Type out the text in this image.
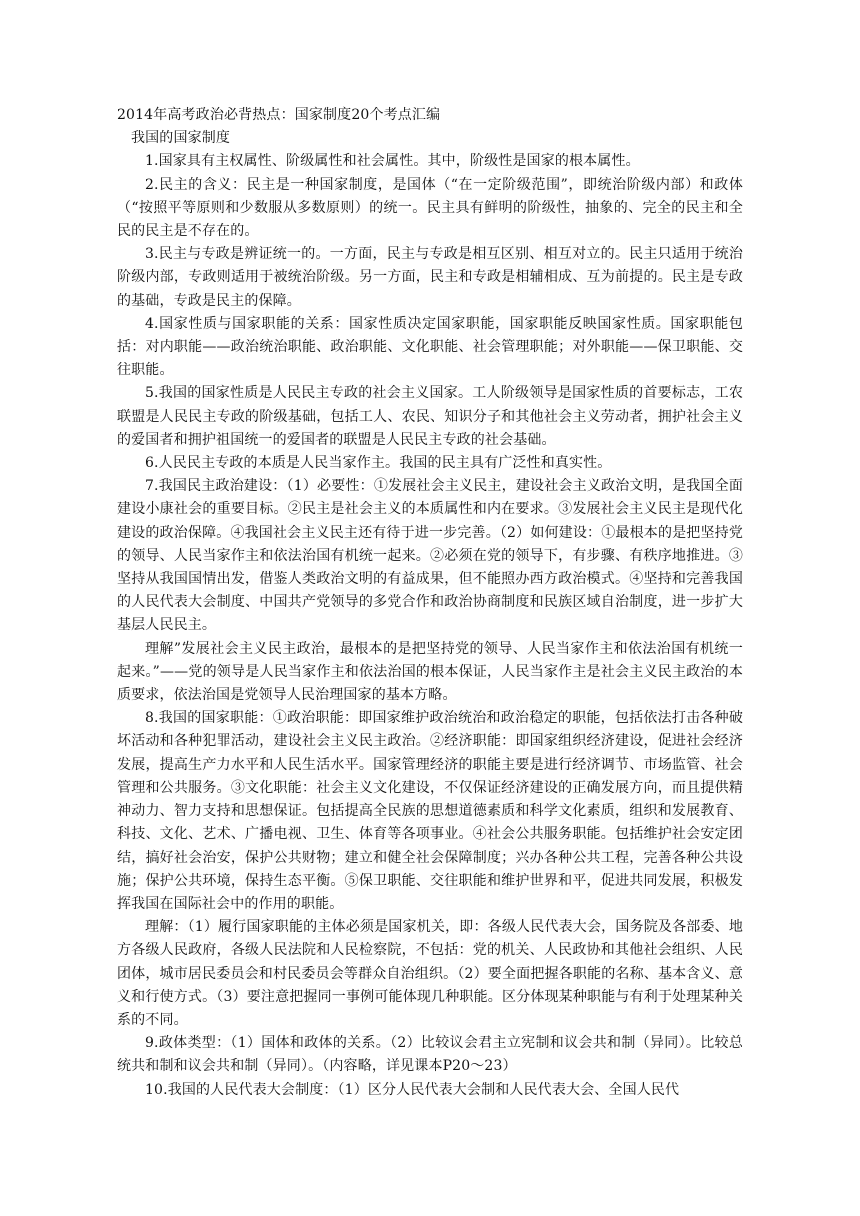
2014年高考政治必背热点：国家制度20个考点汇编

我国的国家制度

1.国家具有主权属性、阶级属性和社会属性。其中，阶级性是国家的根本属性。

2.民主的含义：民主是一种国家制度，是国体（“在一定阶级范围”，即统治阶级内部）和政体（“按照平等原则和少数服从多数原则）的统一。民主具有鲜明的阶级性，抽象的、完全的民主和全民的民主是不存在的。

3.民主与专政是辨证统一的。一方面，民主与专政是相互区别、相互对立的。民主只适用于统治阶级内部，专政则适用于被统治阶级。另一方面，民主和专政是相辅相成、互为前提的。民主是专政的基础，专政是民主的保障。

4.国家性质与国家职能的关系：国家性质决定国家职能，国家职能反映国家性质。国家职能包括：对内职能——政治统治职能、政治职能、文化职能、社会管理职能；对外职能——保卫职能、交往职能。

5.我国的国家性质是人民民主专政的社会主义国家。工人阶级领导是国家性质的首要标志，工农联盟是人民民主专政的阶级基础，包括工人、农民、知识分子和其他社会主义劳动者，拥护社会主义的爱国者和拥护祖国统一的爱国者的联盟是人民民主专政的社会基础。

6.人民民主专政的本质是人民当家作主。我国的民主具有广泛性和真实性。

7.我国民主政治建设：（1）必要性：①发展社会主义民主，建设社会主义政治文明，是我国全面建设小康社会的重要目标。②民主是社会主义的本质属性和内在要求。③发展社会主义民主是现代化建设的政治保障。④我国社会主义民主还有待于进一步完善。（2）如何建设：①最根本的是把坚持党的领导、人民当家作主和依法治国有机统一起来。②必须在党的领导下，有步骤、有秩序地推进。③坚持从我国国情出发，借鉴人类政治文明的有益成果，但不能照办西方政治模式。④坚持和完善我国的人民代表大会制度、中国共产党领导的多党合作和政治协商制度和民族区域自治制度，进一步扩大基层人民民主。

理解”发展社会主义民主政治，最根本的是把坚持党的领导、人民当家作主和依法治国有机统一起来。”——党的领导是人民当家作主和依法治国的根本保证，人民当家作主是社会主义民主政治的本质要求，依法治国是党领导人民治理国家的基本方略。

8.我国的国家职能：①政治职能：即国家维护政治统治和政治稳定的职能，包括依法打击各种破坏活动和各种犯罪活动，建设社会主义民主政治。②经济职能：即国家组织经济建设，促进社会经济发展，提高生产力水平和人民生活水平。国家管理经济的职能主要是进行经济调节、市场监管、社会管理和公共服务。③文化职能：社会主义文化建设，不仅保证经济建设的正确发展方向，而且提供精神动力、智力支持和思想保证。包括提高全民族的思想道德素质和科学文化素质，组织和发展教育、科技、文化、艺术、广播电视、卫生、体育等各项事业。④社会公共服务职能。包括维护社会安定团结，搞好社会治安，保护公共财物；建立和健全社会保障制度；兴办各种公共工程，完善各种公共设施；保护公共环境，保持生态平衡。⑤保卫职能、交往职能和维护世界和平，促进共同发展，积极发挥我国在国际社会中的作用的职能。

理解：（1）履行国家职能的主体必须是国家机关，即：各级人民代表大会，国务院及各部委、地方各级人民政府，各级人民法院和人民检察院，不包括：党的机关、人民政协和其他社会组织、人民团体，城市居民委员会和村民委员会等群众自治组织。（2）要全面把握各职能的名称、基本含义、意义和行使方式。（3）要注意把握同一事例可能体现几种职能。区分体现某种职能与有利于处理某种关系的不同。

9.政体类型：（1）国体和政体的关系。（2）比较议会君主立宪制和议会共和制（异同）。比较总统共和制和议会共和制（异同）。（内容略，详见课本P20～23）

10.我国的人民代表大会制度：（1）区分人民代表大会制和人民代表大会、全国人民代
